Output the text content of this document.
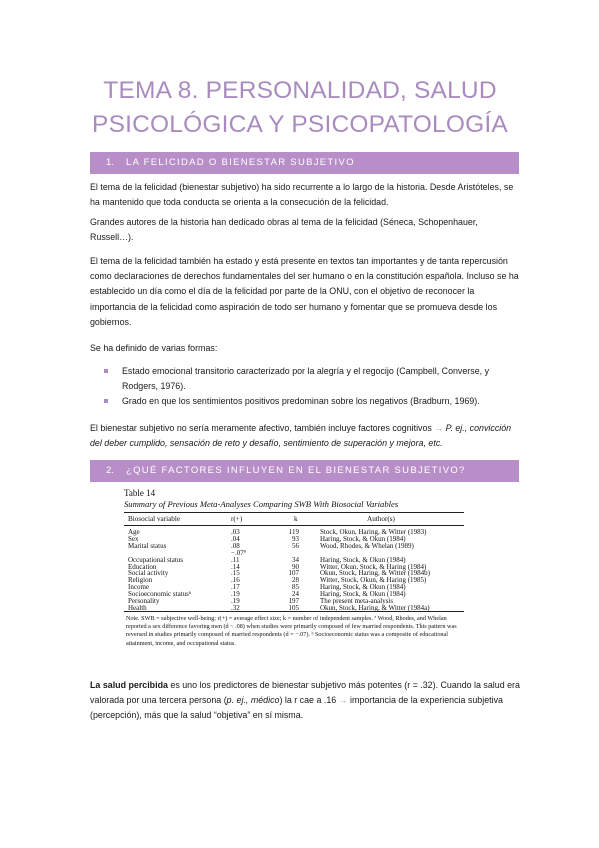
TEMA 8. PERSONALIDAD, SALUD
PSICOLÓGICA Y PSICOPATOLOGÍA
1. LA FELICIDAD O BIENESTAR SUBJETIVO

El tema de la felicidad (bienestar subjetivo) ha sido recurrente a lo largo de la historia. Desde Aristóteles, se ha mantenido que toda conducta se orienta a la consecución de la felicidad.

Grandes autores de la historia han dedicado obras al tema de la felicidad (Séneca, Schopenhauer, Russell…).

El tema de la felicidad también ha estado y está presente en textos tan importantes y de tanta repercusión como declaraciones de derechos fundamentales del ser humano o en la constitución española. Incluso se ha establecido un día como el día de la felicidad por parte de la ONU, con el objetivo de reconocer la importancia de la felicidad como aspiración de todo ser humano y fomentar que se promueva desde los gobiernos.

Se ha definido de varias formas:

Estado emocional transitorio caracterizado por la alegría y el regocijo (Campbell, Converse, y Rodgers, 1976).
Grado en que los sentimientos positivos predominan sobre los negativos (Bradburn, 1969).

El bienestar subjetivo no sería meramente afectivo, también incluye factores cognitivos → P. ej., convicción del deber cumplido, sensación de reto y desafío, sentimiento de superación y mejora, etc.

2. ¿QUÉ FACTORES INFLUYEN EN EL BIENESTAR SUBJETIVO?
Table 14
Summary of Previous Meta-Analyses Comparing SWB With Biosocial Variables
Biosocial variable	r(+)	k	Author(s)
Age	.03	119	Stock, Okun, Haring, & Witter (1983)
Sex	.04	93	Haring, Stock, & Okun (1984)
Marital status	.08	56	Wood, Rhodes, & Whelan (1989)
−.07ª
Occupational status	.11	34	Haring, Stock, & Okun (1984)
Education	.14	90	Witter, Okun, Stock, & Haring (1984)
Social activity	.15	107	Okun, Stock, Haring, & Witter (1984b)
Religion	.16	28	Witter, Stock, Okun, & Haring (1985)
Income	.17	85	Haring, Stock, & Okun (1984)
Socioeconomic statusᵇ	.19	24	Haring, Stock, & Okun (1984)
Personality	.19	197	The present meta-analysis
Health	.32	105	Okun, Stock, Haring, & Witter (1984a)
Note. SWB = subjective well-being; r(+) = average effect size; k = number of independent samples. ª Wood, Rhodes, and Whelan reported a sex difference favoring men (d ~ .08) when studies were primarily composed of few married respondents. This pattern was reversed in studies primarily composed of married respondents (d = −.07). ᵇ Socioeconomic status was a composite of educational attainment, income, and occupational status.

La salud percibida es uno los predictores de bienestar subjetivo más potentes (r = .32). Cuando la salud era valorada por una tercera persona (p. ej., médico) la r cae a .16 → importancia de la experiencia subjetiva (percepción), más que la salud “objetiva” en sí misma.
